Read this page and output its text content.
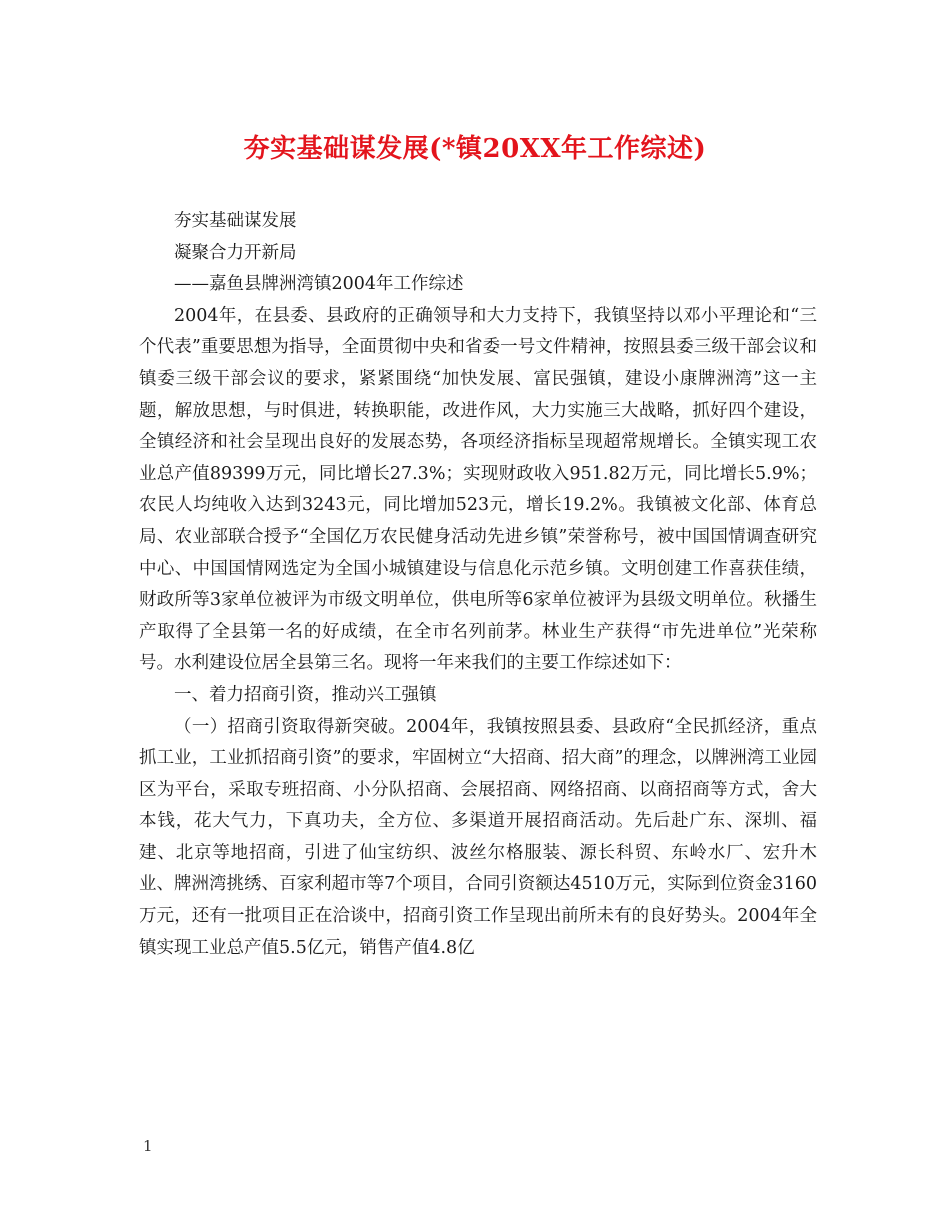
夯实基础谋发展(*镇20XX年工作综述)

夯实基础谋发展

凝聚合力开新局

——嘉鱼县牌洲湾镇2004年工作综述

2004年，在县委、县政府的正确领导和大力支持下，我镇坚持以邓小平理论和“三个代表”重要思想为指导，全面贯彻中央和省委一号文件精神，按照县委三级干部会议和镇委三级干部会议的要求，紧紧围绕“加快发展、富民强镇，建设小康牌洲湾”这一主题，解放思想，与时俱进，转换职能，改进作风，大力实施三大战略，抓好四个建设，全镇经济和社会呈现出良好的发展态势，各项经济指标呈现超常规增长。全镇实现工农业总产值89399万元，同比增长27.3%；实现财政收入951.82万元，同比增长5.9%；农民人均纯收入达到3243元，同比增加523元，增长19.2%。我镇被文化部、体育总局、农业部联合授予“全国亿万农民健身活动先进乡镇”荣誉称号，被中国国情调查研究中心、中国国情网选定为全国小城镇建设与信息化示范乡镇。文明创建工作喜获佳绩，财政所等3家单位被评为市级文明单位，供电所等6家单位被评为县级文明单位。秋播生产取得了全县第一名的好成绩，在全市名列前茅。林业生产获得“市先进单位”光荣称号。水利建设位居全县第三名。现将一年来我们的主要工作综述如下：

一、着力招商引资，推动兴工强镇

（一）招商引资取得新突破。2004年，我镇按照县委、县政府“全民抓经济，重点抓工业，工业抓招商引资”的要求，牢固树立“大招商、招大商”的理念，以牌洲湾工业园区为平台，采取专班招商、小分队招商、会展招商、网络招商、以商招商等方式，舍大本钱，花大气力，下真功夫，全方位、多渠道开展招商活动。先后赴广东、深圳、福建、北京等地招商，引进了仙宝纺织、波丝尔格服装、源长科贸、东岭水厂、宏升木业、牌洲湾挑绣、百家利超市等7个项目，合同引资额达4510万元，实际到位资金3160万元，还有一批项目正在洽谈中，招商引资工作呈现出前所未有的良好势头。2004年全镇实现工业总产值5.5亿元，销售产值4.8亿

1
